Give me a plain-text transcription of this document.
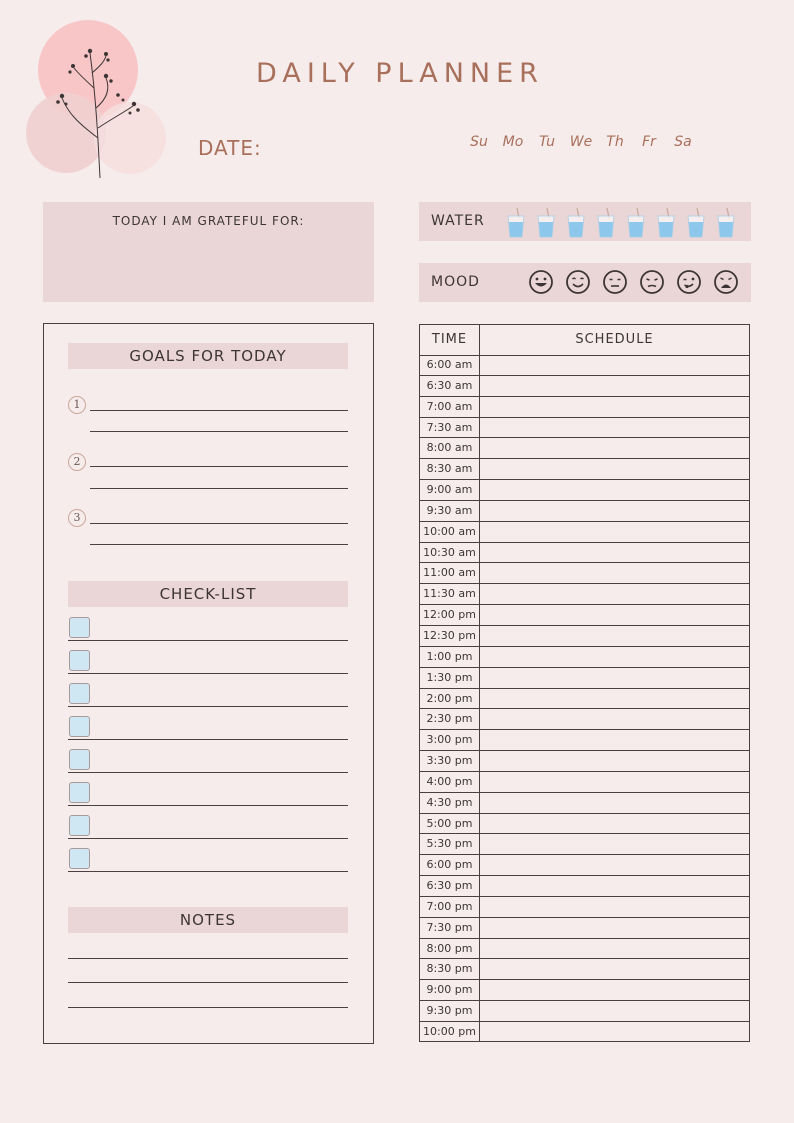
DAILY PLANNER
DATE:	Su	Mo	Tu	We	Th	Fr	Sa
TODAY I AM GRATEFUL FOR:	WATER
MOOD
GOALS FOR TODAY
1
2
3
CHECK-LIST
NOTES
TIME	SCHEDULE
6:00 am
6:30 am
7:00 am
7:30 am
8:00 am
8:30 am
9:00 am
9:30 am
10:00 am
10:30 am
11:00 am
11:30 am
12:00 pm
12:30 pm
1:00 pm
1:30 pm
2:00 pm
2:30 pm
3:00 pm
3:30 pm
4:00 pm
4:30 pm
5:00 pm
5:30 pm
6:00 pm
6:30 pm
7:00 pm
7:30 pm
8:00 pm
8:30 pm
9:00 pm
9:30 pm
10:00 pm
